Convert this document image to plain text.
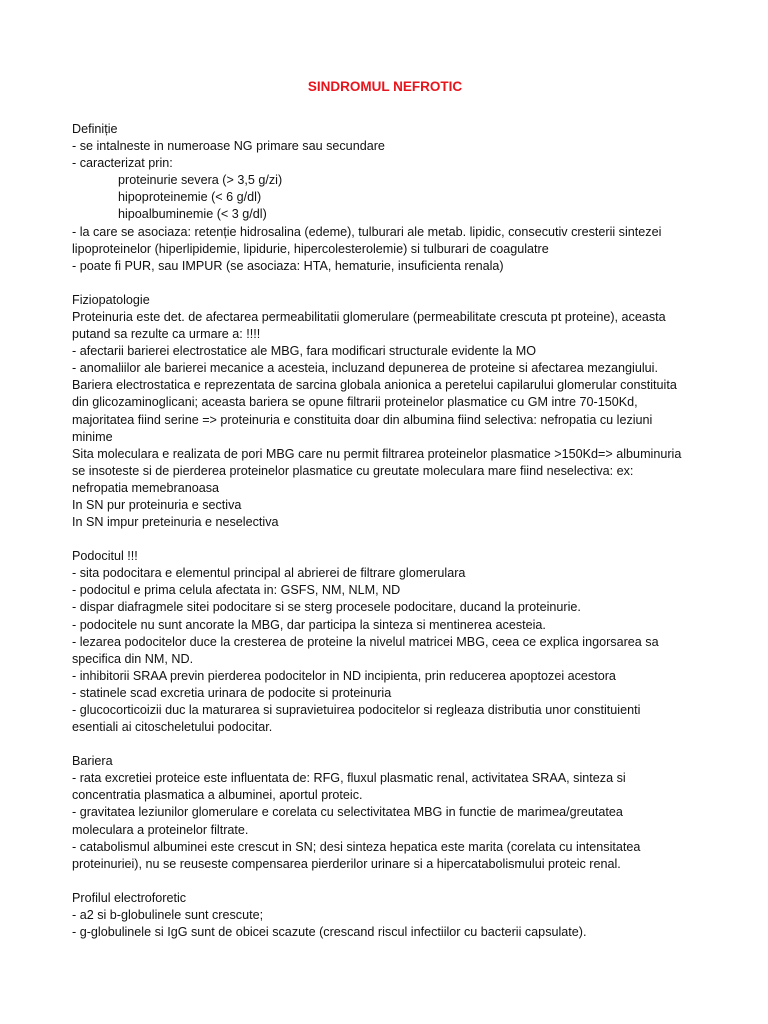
SINDROMUL NEFROTIC

Definiție

- se intalneste in numeroase NG primare sau secundare

- caracterizat prin:

proteinurie severa (> 3,5 g/zi)

hipoproteinemie (< 6 g/dl)

hipoalbuminemie (< 3 g/dl)

- la care se asociaza: retenție hidrosalina (edeme), tulburari ale metab. lipidic, consecutiv cresterii sintezei

lipoproteinelor (hiperlipidemie, lipidurie, hipercolesterolemie) si tulburari de coagulatre

- poate fi PUR, sau IMPUR (se asociaza: HTA, hematurie, insuficienta renala)

Fiziopatologie

Proteinuria este det. de afectarea permeabilitatii glomerulare (permeabilitate crescuta pt proteine), aceasta

putand sa rezulte ca urmare a: !!!!

- afectarii barierei electrostatice ale MBG, fara modificari structurale evidente la MO

- anomaliilor ale barierei mecanice a acesteia, incluzand depunerea de proteine si afectarea mezangiului.

Bariera electrostatica e reprezentata de sarcina globala anionica a peretelui capilarului glomerular constituita

din glicozaminoglicani; aceasta bariera se opune filtrarii proteinelor plasmatice cu GM intre 70-150Kd,

majoritatea fiind serine => proteinuria e constituita doar din albumina fiind selectiva: nefropatia cu leziuni

minime

Sita moleculara e realizata de pori MBG care nu permit filtrarea proteinelor plasmatice >150Kd=> albuminuria

se insoteste si de pierderea proteinelor plasmatice cu greutate moleculara mare fiind neselectiva: ex:

nefropatia memebranoasa

In SN pur proteinuria e sectiva

In SN impur preteinuria e neselectiva

Podocitul !!!

- sita podocitara e elementul principal al abrierei de filtrare glomerulara

- podocitul e prima celula afectata in: GSFS, NM, NLM, ND

- dispar diafragmele sitei podocitare si se sterg procesele podocitare, ducand la proteinurie.

- podocitele nu sunt ancorate la MBG, dar participa la sinteza si mentinerea acesteia.

- lezarea podocitelor duce la cresterea de proteine la nivelul matricei MBG, ceea ce explica ingorsarea sa

specifica din NM, ND.

- inhibitorii SRAA previn pierderea podocitelor in ND incipienta, prin reducerea apoptozei acestora

- statinele scad excretia urinara de podocite si proteinuria

- glucocorticoizii duc la maturarea si supravietuirea podocitelor si regleaza distributia unor constituienti

esentiali ai citoscheletului podocitar.

Bariera

- rata excretiei proteice este influentata de: RFG, fluxul plasmatic renal, activitatea SRAA, sinteza si

concentratia plasmatica a albuminei, aportul proteic.

- gravitatea leziunilor glomerulare e corelata cu selectivitatea MBG in functie de marimea/greutatea

moleculara a proteinelor filtrate.

- catabolismul albuminei este crescut in SN; desi sinteza hepatica este marita (corelata cu intensitatea

proteinuriei), nu se reuseste compensarea pierderilor urinare si a hipercatabolismului proteic renal.

Profilul electroforetic

- a2 si b-globulinele sunt crescute;

- g-globulinele si IgG sunt de obicei scazute (crescand riscul infectiilor cu bacterii capsulate).
